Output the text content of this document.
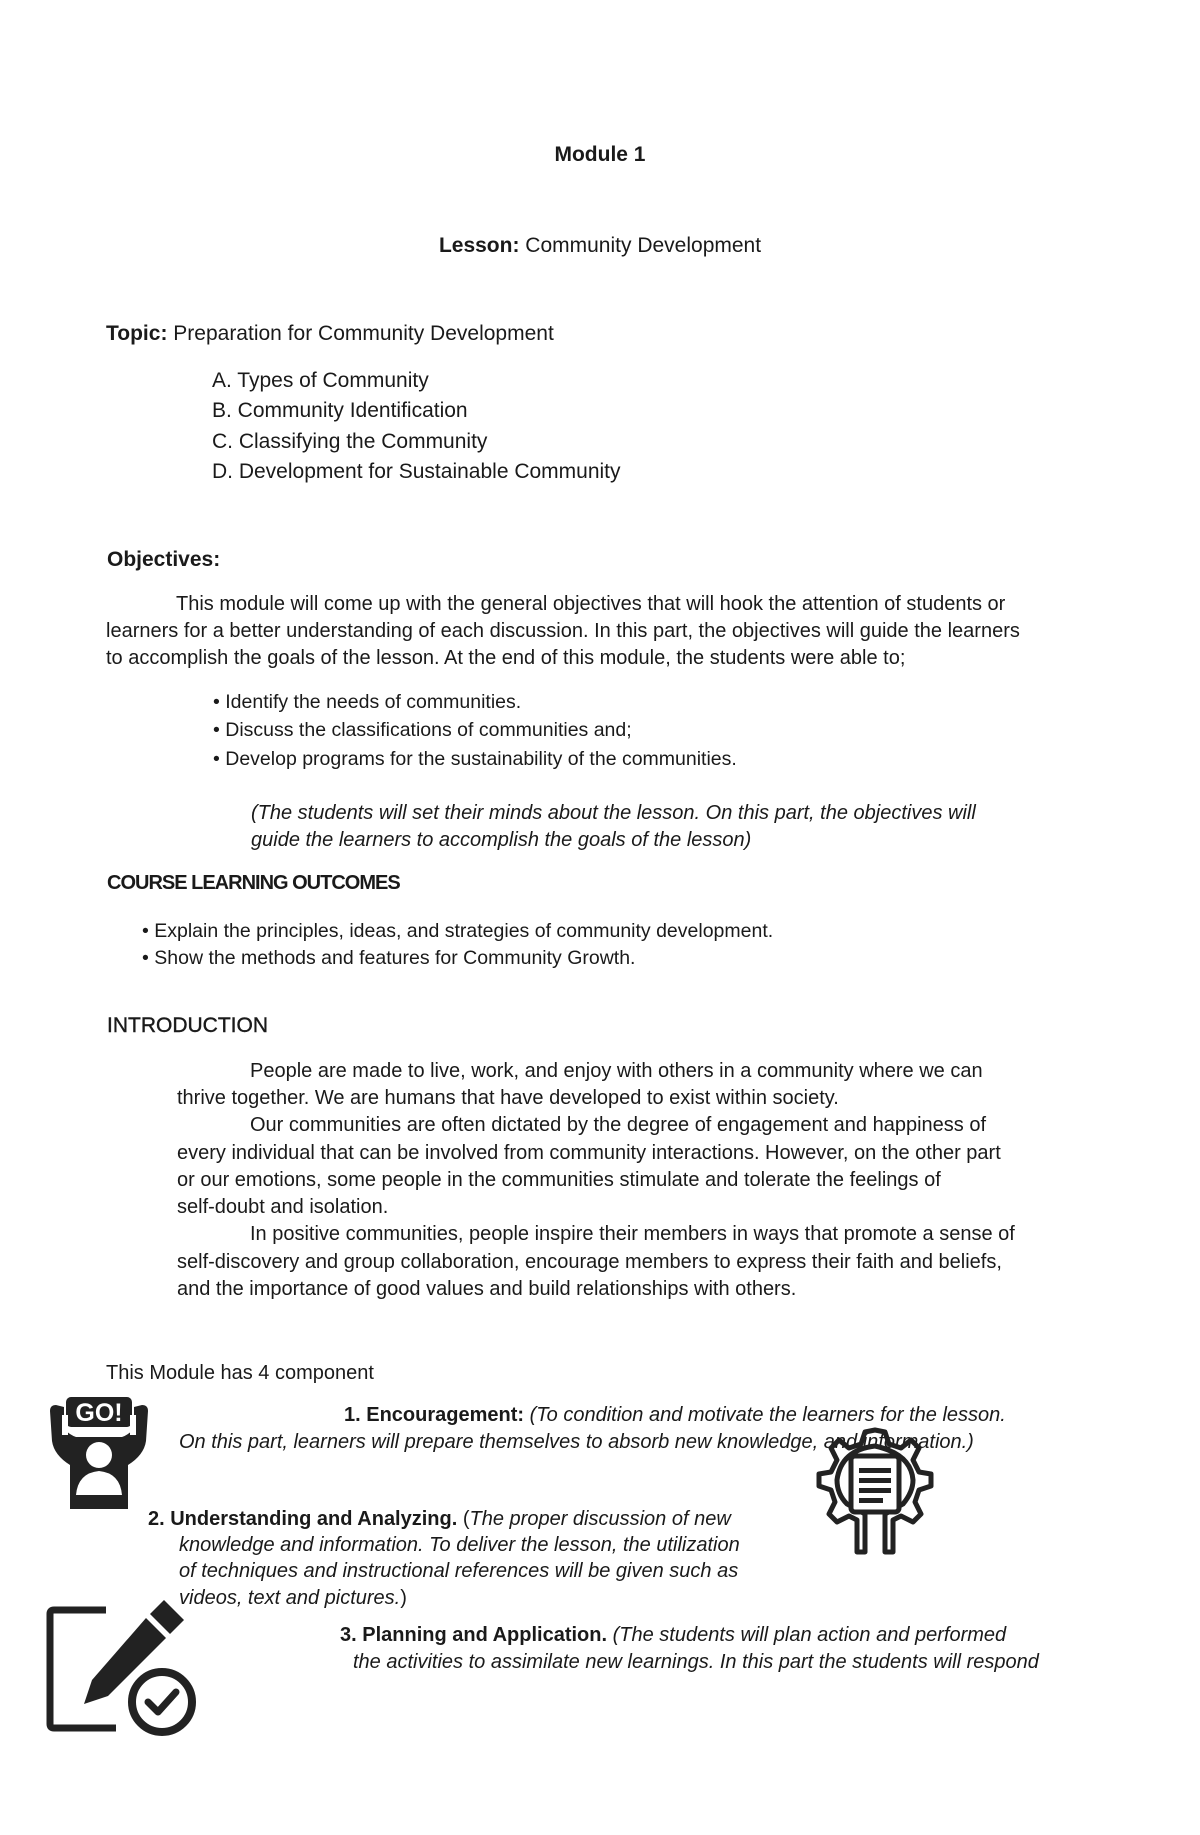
Module 1
Lesson: Community Development
Topic: Preparation for Community Development
A. Types of Community
B. Community Identification
C. Classifying the Community
D. Development for Sustainable Community
Objectives:
This module will come up with the general objectives that will hook the attention of students or
learners for a better understanding of each discussion. In this part, the objectives will guide the learners
to accomplish the goals of the lesson. At the end of this module, the students were able to;
• Identify the needs of communities.
• Discuss the classifications of communities and;
• Develop programs for the sustainability of the communities.
(The students will set their minds about the lesson. On this part, the objectives will
guide the learners to accomplish the goals of the lesson)
COURSE LEARNING OUTCOMES
• Explain the principles, ideas, and strategies of community development.
• Show the methods and features for Community Growth.
INTRODUCTION
People are made to live, work, and enjoy with others in a community where we can
thrive together. We are humans that have developed to exist within society.
Our communities are often dictated by the degree of engagement and happiness of
every individual that can be involved from community interactions. However, on the other part
or our emotions, some people in the communities stimulate and tolerate the feelings of
self-doubt and isolation.
In positive communities, people inspire their members in ways that promote a sense of
self-discovery and group collaboration, encourage members to express their faith and beliefs,
and the importance of good values and build relationships with others.
This Module has 4 component
GO!	1. Encouragement: (To condition and motivate the learners for the lesson.
On this part, learners will prepare themselves to absorb new knowledge, and information.)
2. Understanding and Analyzing. (The proper discussion of new
knowledge and information. To deliver the lesson, the utilization
of techniques and instructional references will be given such as
videos, text and pictures.)
3. Planning and Application. (The students will plan action and performed
the activities to assimilate new learnings. In this part the students will respond
